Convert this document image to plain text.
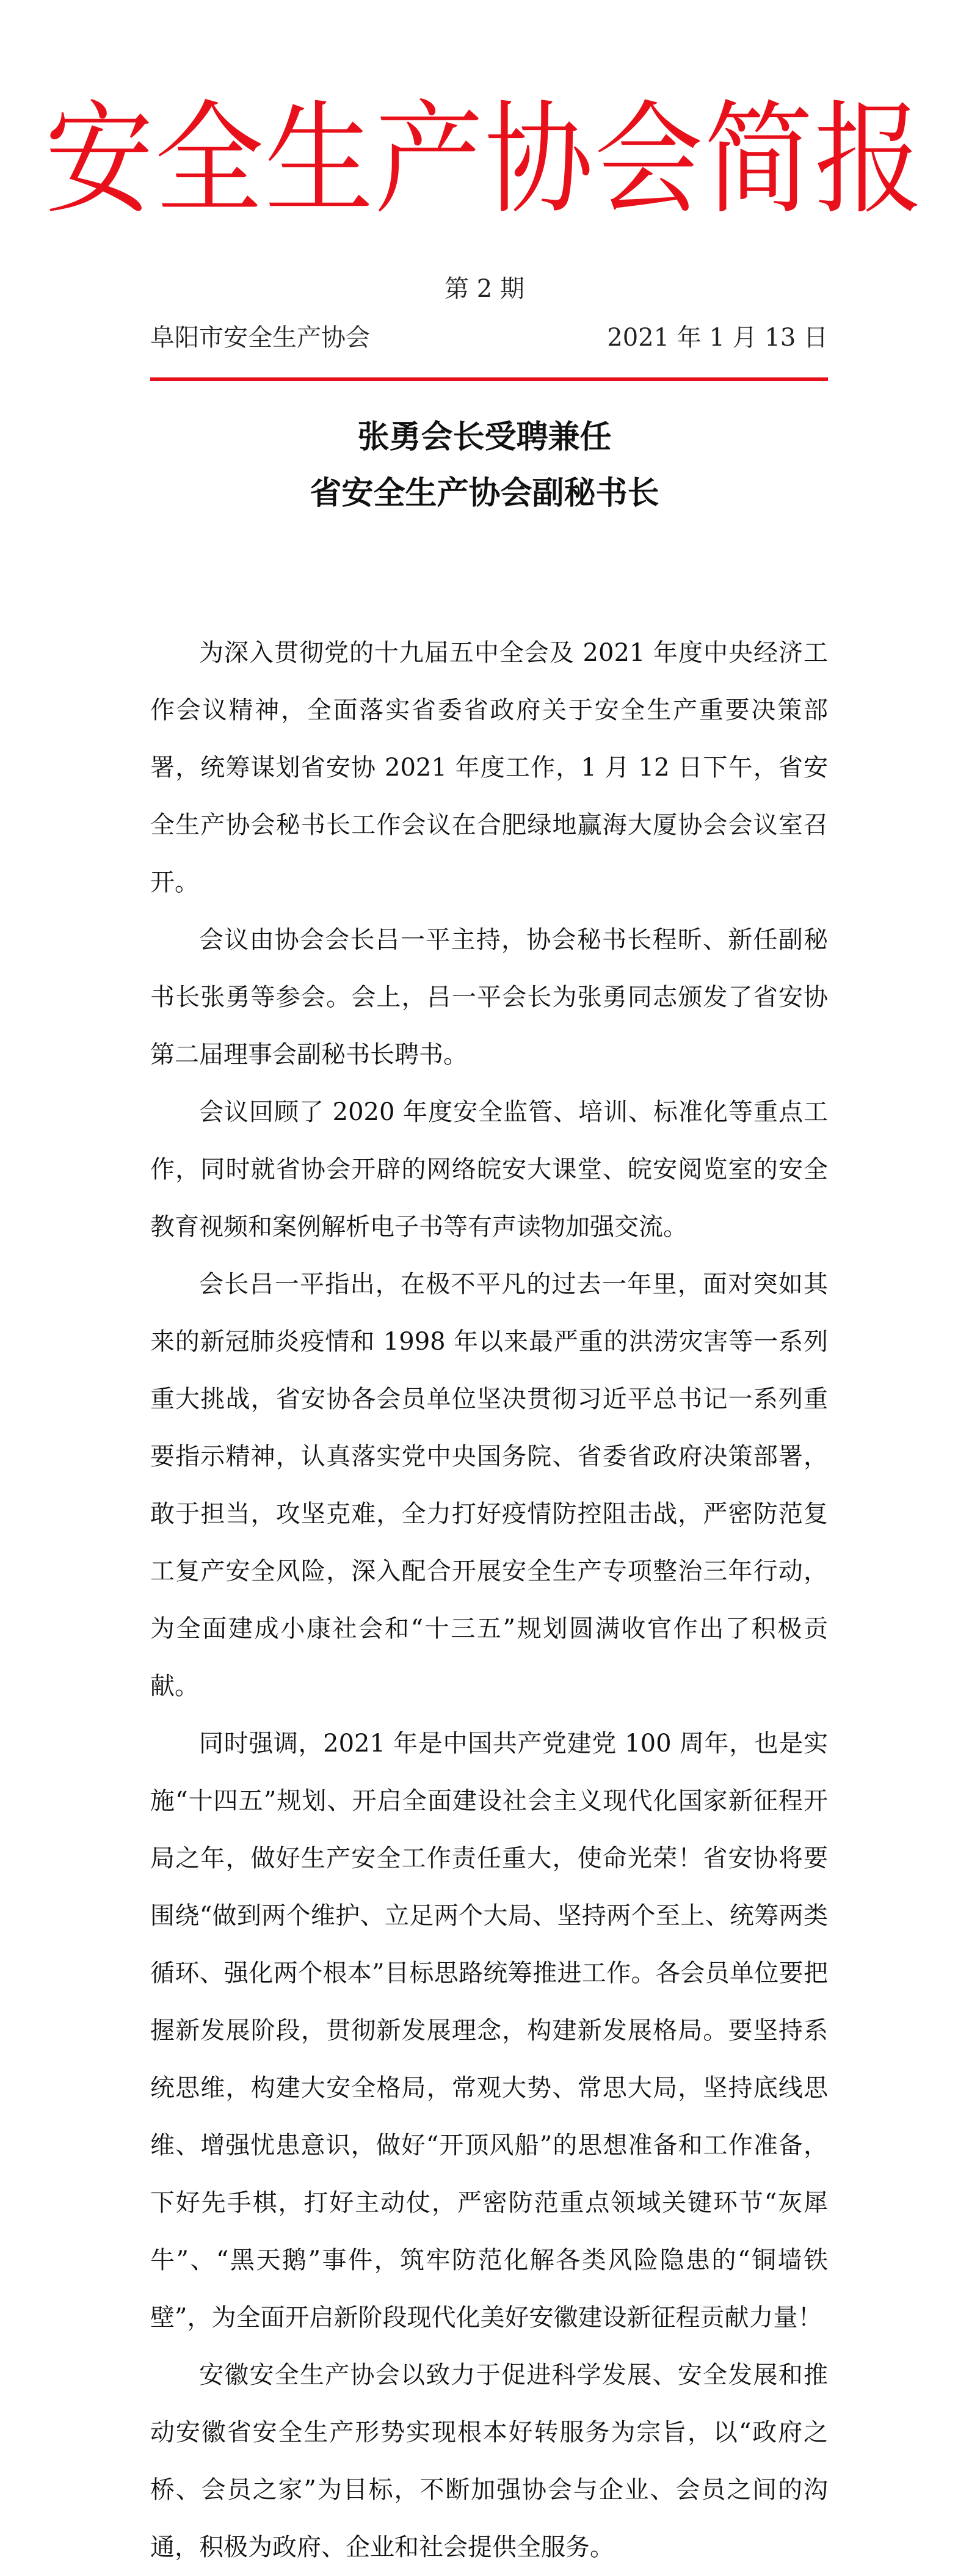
安全生产协会简报
第 2 期
阜阳市安全生产协会	2021 年 1 月 13 日
张勇会长受聘兼任
省安全生产协会副秘书长

为深入贯彻党的十九届五中全会及 2021 年度中央经济工作会议精神，全面落实省委省政府关于安全生产重要决策部署，统筹谋划省安协 2021 年度工作，1 月 12 日下午，省安全生产协会秘书长工作会议在合肥绿地赢海大厦协会会议室召开。

会议由协会会长吕一平主持，协会秘书长程昕、新任副秘书长张勇等参会。会上，吕一平会长为张勇同志颁发了省安协第二届理事会副秘书长聘书。

会议回顾了 2020 年度安全监管、培训、标准化等重点工作，同时就省协会开辟的网络皖安大课堂、皖安阅览室的安全教育视频和案例解析电子书等有声读物加强交流。

会长吕一平指出，在极不平凡的过去一年里，面对突如其来的新冠肺炎疫情和 1998 年以来最严重的洪涝灾害等一系列重大挑战，省安协各会员单位坚决贯彻习近平总书记一系列重要指示精神，认真落实党中央国务院、省委省政府决策部署，敢于担当，攻坚克难，全力打好疫情防控阻击战，严密防范复工复产安全风险，深入配合开展安全生产专项整治三年行动，为全面建成小康社会和“十三五”规划圆满收官作出了积极贡献。

同时强调，2021 年是中国共产党建党 100 周年，也是实施“十四五”规划、开启全面建设社会主义现代化国家新征程开局之年，做好生产安全工作责任重大，使命光荣！省安协将要围绕“做到两个维护、立足两个大局、坚持两个至上、统筹两类循环、强化两个根本”目标思路统筹推进工作。各会员单位要把握新发展阶段，贯彻新发展理念，构建新发展格局。要坚持系统思维，构建大安全格局，常观大势、常思大局，坚持底线思维、增强忧患意识，做好“开顶风船”的思想准备和工作准备，下好先手棋，打好主动仗，严密防范重点领域关键环节“灰犀牛”、“黑天鹅”事件，筑牢防范化解各类风险隐患的“铜墙铁壁”，为全面开启新阶段现代化美好安徽建设新征程贡献力量！

安徽安全生产协会以致力于促进科学发展、安全发展和推动安徽省安全生产形势实现根本好转服务为宗旨，以“政府之桥、会员之家”为目标，不断加强协会与企业、会员之间的沟通，积极为政府、企业和社会提供全服务。
